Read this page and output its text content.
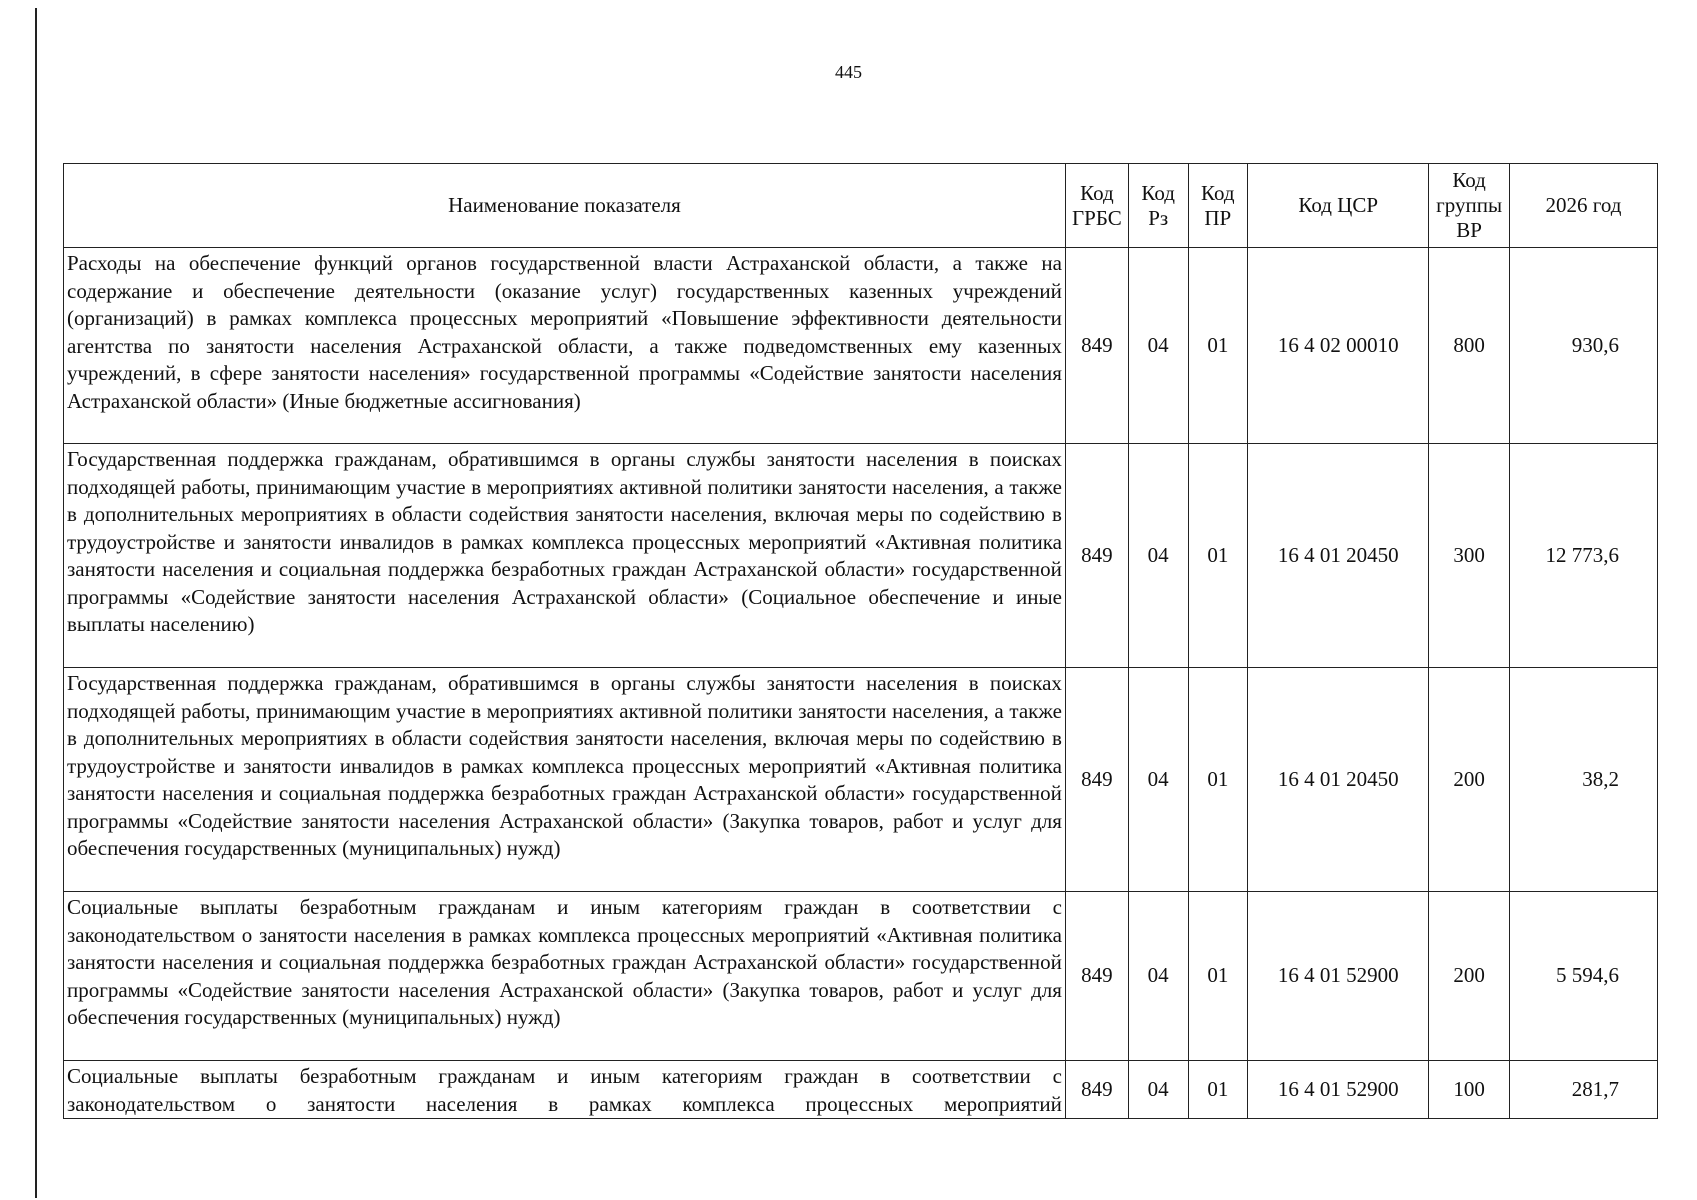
445
Наименование показателя	Код ГРБС	Код Рз	Код ПР	Код ЦСР	Код группы ВР	2026 год
Расходы на обеспечение функций органов государственной власти Астраханской области, а также на содержание и обеспечение деятельности (оказание услуг) государственных казенных учреждений (организаций) в рамках комплекса процессных мероприятий «Повышение эффективности деятельности агентства по занятости населения Астраханской области, а также подведомственных ему казенных учреждений, в сфере занятости населения» государственной программы «Содействие занятости населения Астраханской области» (Иные бюджетные ассигнования)	849	04	01	16 4 02 00010	800	930,6
Государственная поддержка гражданам, обратившимся в органы службы занятости населения в поисках подходящей работы, принимающим участие в мероприятиях активной политики занятости населения, а также в дополнительных мероприятиях в области содействия занятости населения, включая меры по содействию в трудоустройстве и занятости инвалидов в рамках комплекса процессных мероприятий «Активная политика занятости населения и социальная поддержка безработных граждан Астраханской области» государственной программы «Содействие занятости населения Астраханской области» (Социальное обеспечение и иные выплаты населению)	849	04	01	16 4 01 20450	300	12 773,6
Государственная поддержка гражданам, обратившимся в органы службы занятости населения в поисках подходящей работы, принимающим участие в мероприятиях активной политики занятости населения, а также в дополнительных мероприятиях в области содействия занятости населения, включая меры по содействию в трудоустройстве и занятости инвалидов в рамках комплекса процессных мероприятий «Активная политика занятости населения и социальная поддержка безработных граждан Астраханской области» государственной программы «Содействие занятости населения Астраханской области» (Закупка товаров, работ и услуг для обеспечения государственных (муниципальных) нужд)	849	04	01	16 4 01 20450	200	38,2
Социальные выплаты безработным гражданам и иным категориям граждан в соответствии с законодательством о занятости населения в рамках комплекса процессных мероприятий «Активная политика занятости населения и социальная поддержка безработных граждан Астраханской области» государственной программы «Содействие занятости населения Астраханской области» (Закупка товаров, работ и услуг для обеспечения государственных (муниципальных) нужд)	849	04	01	16 4 01 52900	200	5 594,6

Социальные выплаты безработным гражданам и иным категориям граждан в соответствии с законодательством о занятости населения в рамках комплекса процессных мероприятий	849	04	01	16 4 01 52900	100	281,7
